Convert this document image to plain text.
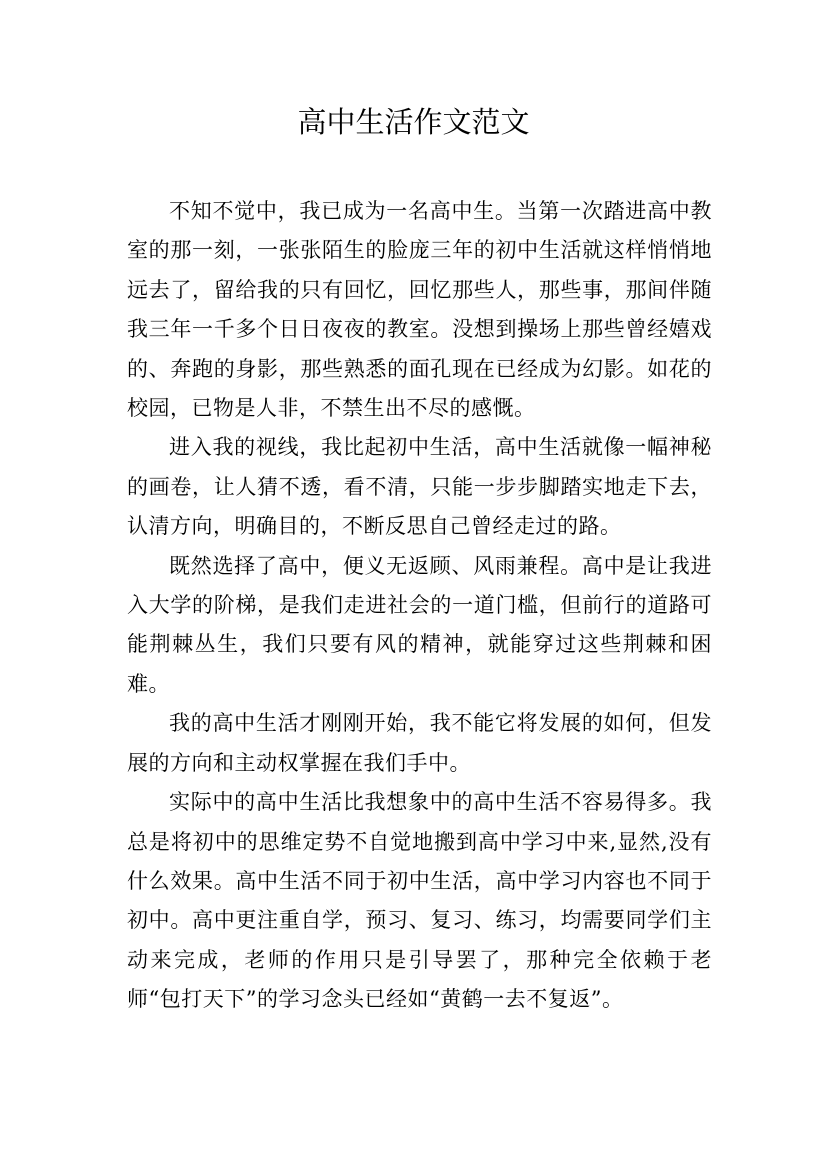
高中生活作文范文

不知不觉中，我已成为一名高中生。当第一次踏进高中教室的那一刻，一张张陌生的脸庞三年的初中生活就这样悄悄地远去了，留给我的只有回忆，回忆那些人，那些事，那间伴随我三年一千多个日日夜夜的教室。没想到操场上那些曾经嬉戏的、奔跑的身影，那些熟悉的面孔现在已经成为幻影。如花的校园，已物是人非，不禁生出不尽的感慨。

进入我的视线，我比起初中生活，高中生活就像一幅神秘的画卷，让人猜不透，看不清，只能一步步脚踏实地走下去，认清方向，明确目的，不断反思自己曾经走过的路。

既然选择了高中，便义无返顾、风雨兼程。高中是让我进入大学的阶梯，是我们走进社会的一道门槛，但前行的道路可能荆棘丛生，我们只要有风的精神，就能穿过这些荆棘和困难。

我的高中生活才刚刚开始，我不能它将发展的如何，但发展的方向和主动权掌握在我们手中。

实际中的高中生活比我想象中的高中生活不容易得多。我总是将初中的思维定势不自觉地搬到高中学习中来,显然,没有什么效果。高中生活不同于初中生活，高中学习内容也不同于初中。高中更注重自学，预习、复习、练习，均需要同学们主动来完成，老师的作用只是引导罢了，那种完全依赖于老师“包打天下”的学习念头已经如“黄鹤一去不复返”。
